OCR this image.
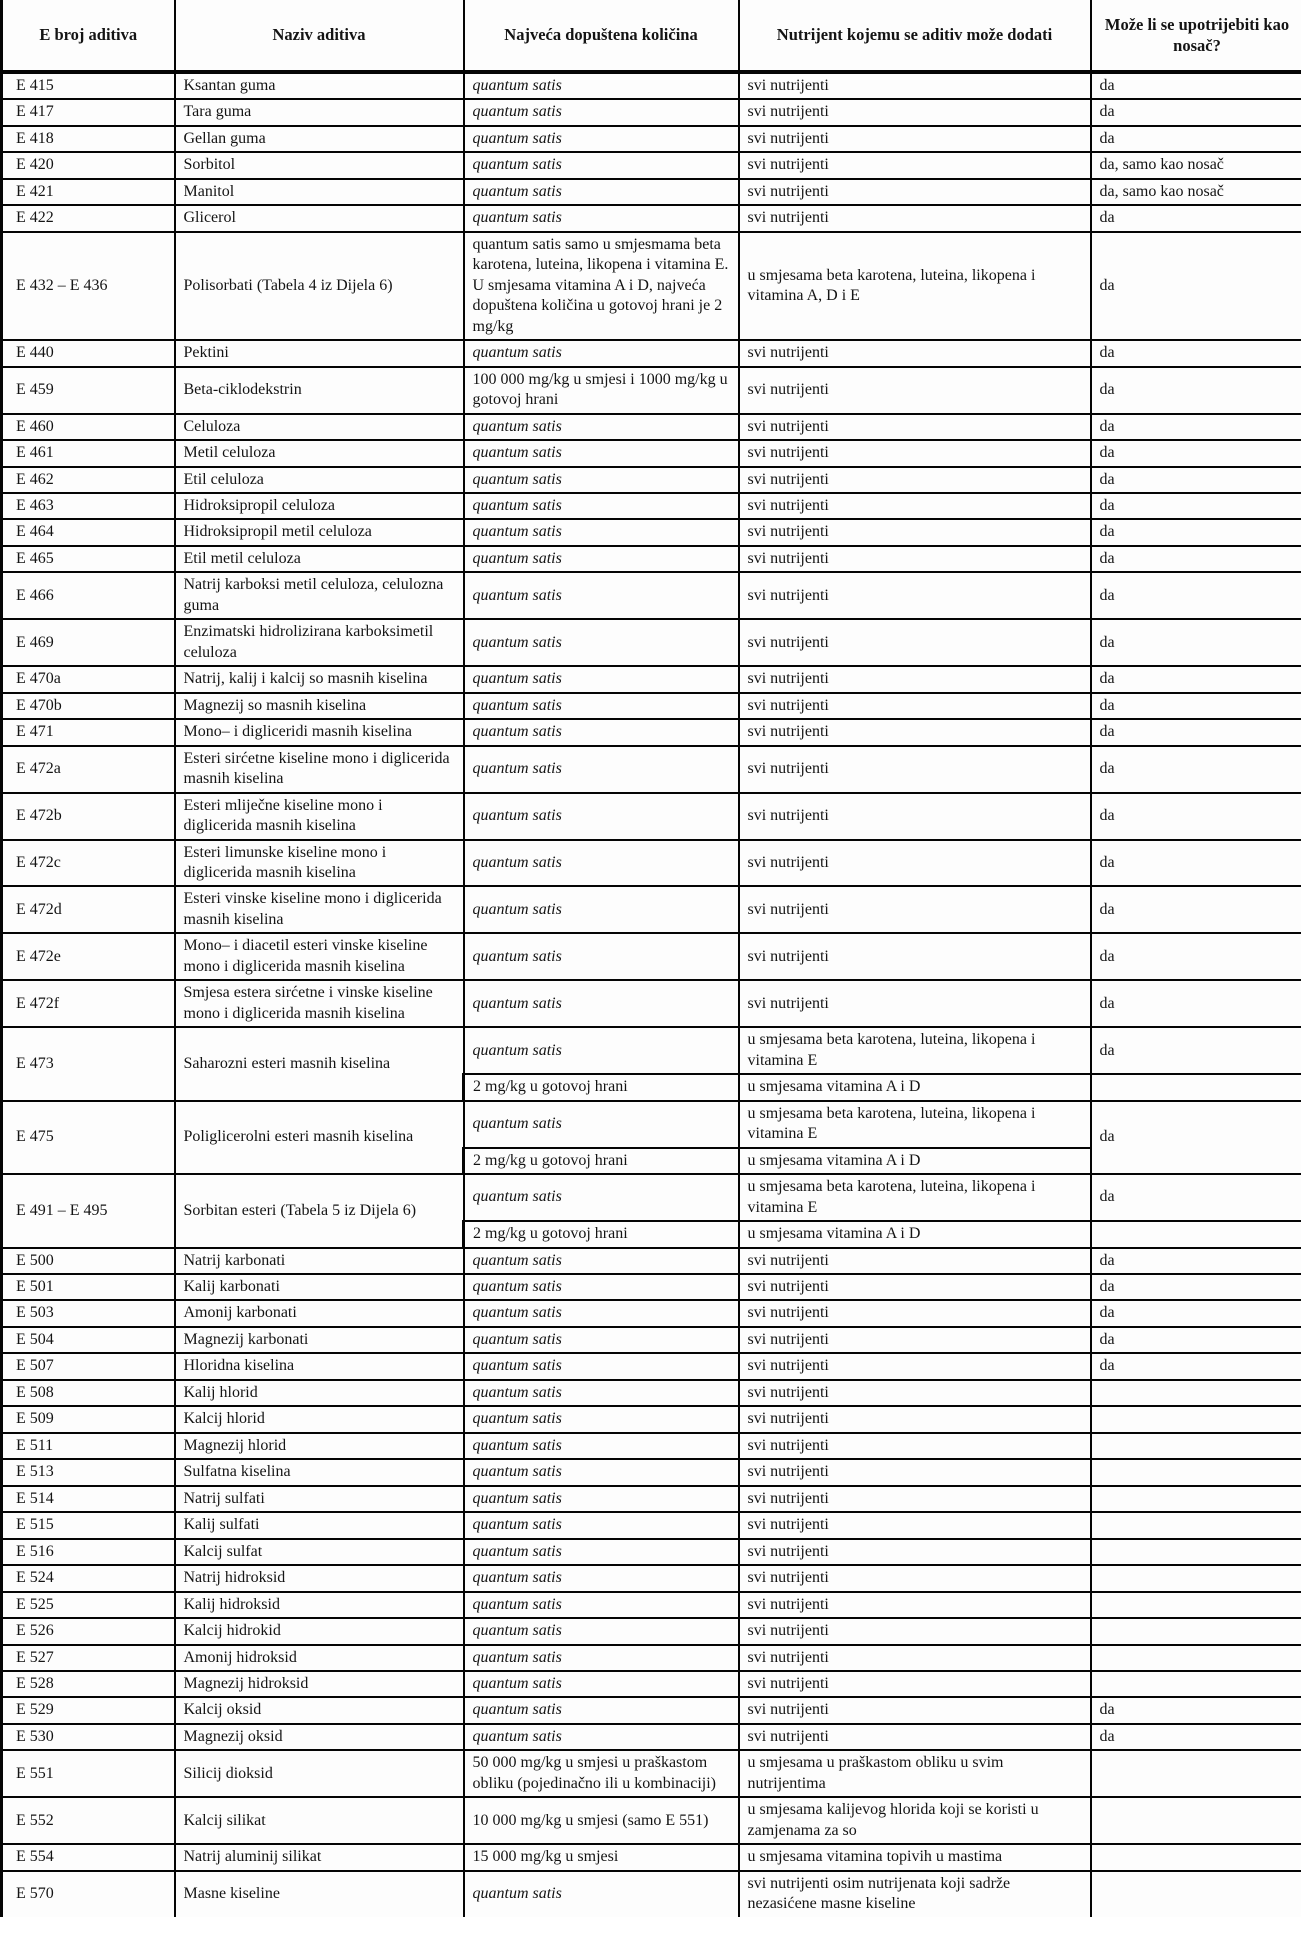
E broj aditiva	Naziv aditiva	Najveća dopuštena količina	Nutrijent kojemu se aditiv može dodati	Može li se upotrijebiti kao nosač?
E 415	Ksantan guma	quantum satis	svi nutrijenti	da
E 417	Tara guma	quantum satis	svi nutrijenti	da
E 418	Gellan guma	quantum satis	svi nutrijenti	da
E 420	Sorbitol	quantum satis	svi nutrijenti	da, samo kao nosač
E 421	Manitol	quantum satis	svi nutrijenti	da, samo kao nosač
E 422	Glicerol	quantum satis	svi nutrijenti	da
E 432 – E 436	Polisorbati (Tabela 4 iz Dijela 6)	quantum satis samo u smjesmama beta karotena, luteina, likopena i vitamina E. U smjesama vitamina A i D, najveća dopuštena količina u gotovoj hrani je 2 mg/kg	u smjesama beta karotena, luteina, likopena i vitamina A, D i E	da
E 440	Pektini	quantum satis	svi nutrijenti	da
E 459	Beta-ciklodekstrin	100 000 mg/kg u smjesi i 1000 mg/kg u gotovoj hrani	svi nutrijenti	da
E 460	Celuloza	quantum satis	svi nutrijenti	da
E 461	Metil celuloza	quantum satis	svi nutrijenti	da
E 462	Etil celuloza	quantum satis	svi nutrijenti	da
E 463	Hidroksipropil celuloza	quantum satis	svi nutrijenti	da
E 464	Hidroksipropil metil celuloza	quantum satis	svi nutrijenti	da
E 465	Etil metil celuloza	quantum satis	svi nutrijenti	da
E 466	Natrij karboksi metil celuloza, celulozna guma	quantum satis	svi nutrijenti	da
E 469	Enzimatski hidrolizirana karboksimetil celuloza	quantum satis	svi nutrijenti	da
E 470a	Natrij, kalij i kalcij so masnih kiselina	quantum satis	svi nutrijenti	da
E 470b	Magnezij so masnih kiselina	quantum satis	svi nutrijenti	da
E 471	Mono– i digliceridi masnih kiselina	quantum satis	svi nutrijenti	da
E 472a	Esteri sirćetne kiseline mono i diglicerida masnih kiselina	quantum satis	svi nutrijenti	da
E 472b	Esteri mliječne kiseline mono i diglicerida masnih kiselina	quantum satis	svi nutrijenti	da
E 472c	Esteri limunske kiseline mono i diglicerida masnih kiselina	quantum satis	svi nutrijenti	da
E 472d	Esteri vinske kiseline mono i diglicerida masnih kiselina	quantum satis	svi nutrijenti	da
E 472e	Mono– i diacetil esteri vinske kiseline mono i diglicerida masnih kiselina	quantum satis	svi nutrijenti	da
E 472f	Smjesa estera sirćetne i vinske kiseline mono i diglicerida masnih kiselina	quantum satis	svi nutrijenti	da
E 473	Saharozni esteri masnih kiselina	quantum satis	u smjesama beta karotena, luteina, likopena i vitamina E	da
		2 mg/kg u gotovoj hrani	u smjesama vitamina A i D	
E 475	Poliglicerolni esteri masnih kiselina	quantum satis	u smjesama beta karotena, luteina, likopena i vitamina E	da
		2 mg/kg u gotovoj hrani	u smjesama vitamina A i D	
E 491 – E 495	Sorbitan esteri (Tabela 5 iz Dijela 6)	quantum satis	u smjesama beta karotena, luteina, likopena i vitamina E	da
		2 mg/kg u gotovoj hrani	u smjesama vitamina A i D	
E 500	Natrij karbonati	quantum satis	svi nutrijenti	da
E 501	Kalij karbonati	quantum satis	svi nutrijenti	da
E 503	Amonij karbonati	quantum satis	svi nutrijenti	da
E 504	Magnezij karbonati	quantum satis	svi nutrijenti	da
E 507	Hloridna kiselina	quantum satis	svi nutrijenti	da
E 508	Kalij hlorid	quantum satis	svi nutrijenti	
E 509	Kalcij hlorid	quantum satis	svi nutrijenti	
E 511	Magnezij hlorid	quantum satis	svi nutrijenti	
E 513	Sulfatna kiselina	quantum satis	svi nutrijenti	
E 514	Natrij sulfati	quantum satis	svi nutrijenti	
E 515	Kalij sulfati	quantum satis	svi nutrijenti	
E 516	Kalcij sulfat	quantum satis	svi nutrijenti	
E 524	Natrij hidroksid	quantum satis	svi nutrijenti	
E 525	Kalij hidroksid	quantum satis	svi nutrijenti	
E 526	Kalcij hidrokid	quantum satis	svi nutrijenti	
E 527	Amonij hidroksid	quantum satis	svi nutrijenti	
E 528	Magnezij hidroksid	quantum satis	svi nutrijenti	
E 529	Kalcij oksid	quantum satis	svi nutrijenti	da
E 530	Magnezij oksid	quantum satis	svi nutrijenti	da
E 551	Silicij dioksid	50 000 mg/kg u smjesi u praškastom obliku (pojedinačno ili u kombinaciji)	u smjesama u praškastom obliku u svim nutrijentima	
E 552	Kalcij silikat	10 000 mg/kg u smjesi (samo E 551)	u smjesama kalijevog hlorida koji se koristi u zamjenama za so	
E 554	Natrij aluminij silikat	15 000 mg/kg u smjesi	u smjesama vitamina topivih u mastima	
E 570	Masne kiseline	quantum satis	svi nutrijenti osim nutrijenata koji sadrže nezasićene masne kiseline	
